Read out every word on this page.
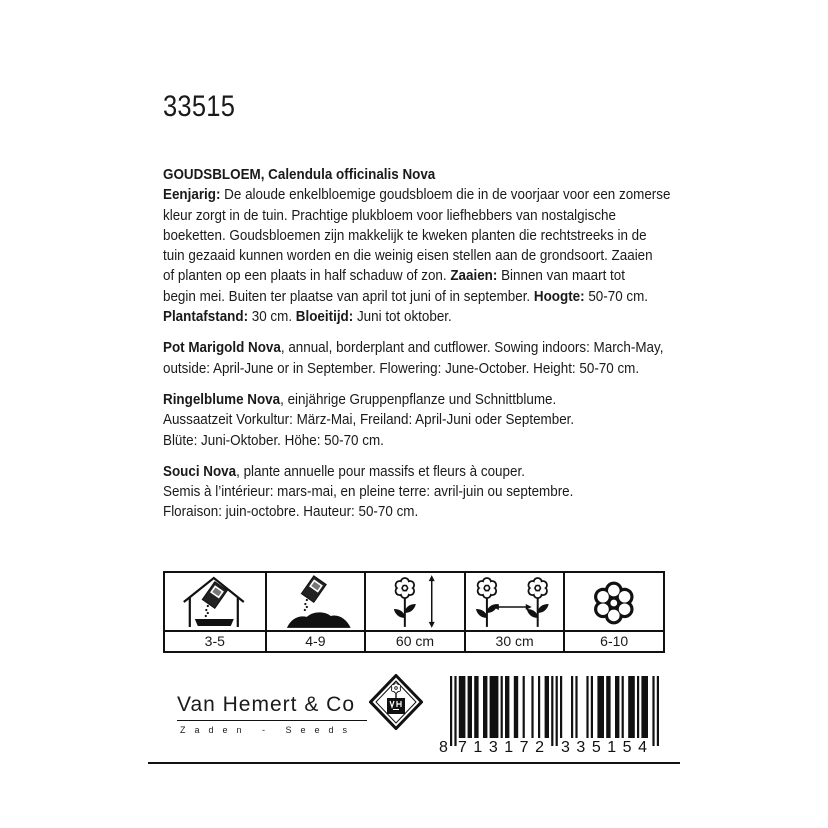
33515
GOUDSBLOEM, Calendula officinalis Nova
Eenjarig: De aloude enkelbloemige goudsbloem die in de voorjaar voor een zomerse
kleur zorgt in de tuin. Prachtige plukbloem voor liefhebbers van nostalgische
boeketten. Goudsbloemen zijn makkelijk te kweken planten die rechtstreeks in de
tuin gezaaid kunnen worden en die weinig eisen stellen aan de grondsoort. Zaaien
of planten op een plaats in half schaduw of zon. Zaaien: Binnen van maart tot
begin mei. Buiten ter plaatse van april tot juni of in september. Hoogte: 50-70 cm.
Plantafstand: 30 cm. Bloeitijd: Juni tot oktober.
Pot Marigold Nova, annual, borderplant and cutflower. Sowing indoors: March-May,
outside: April-June or in September. Flowering: June-October. Height: 50-70 cm.
Ringelblume Nova, einjährige Gruppenpflanze und Schnittblume.
Aussaatzeit Vorkultur: März-Mai, Freiland: April-Juni oder September.
Blüte: Juni-Oktober. Höhe: 50-70 cm.
Souci Nova, plante annuelle pour massifs et fleurs à couper.
Semis à l’intérieur: mars-mai, en pleine terre: avril-juin ou septembre.
Floraison: juin-octobre. Hauteur: 50-70 cm.
3-5	4-9	60 cm	30 cm	6-10
Van Hemert & Co
Zaden - Seeds
8 713172 335154
